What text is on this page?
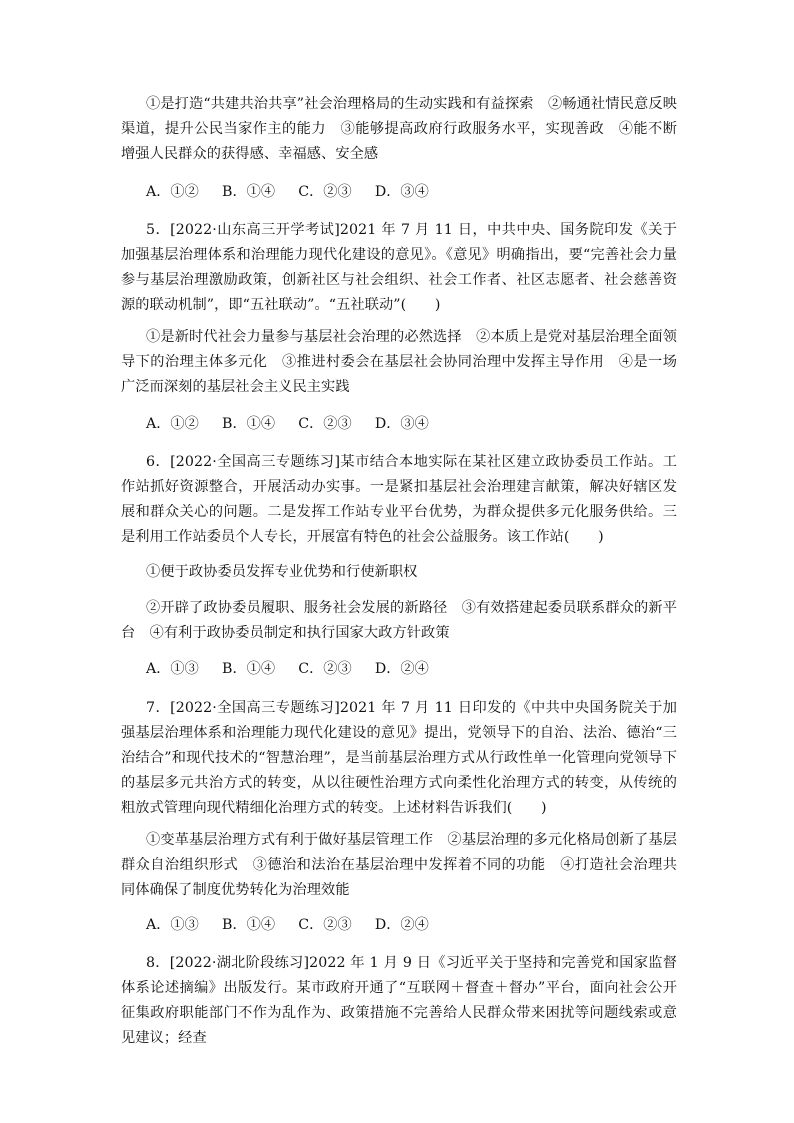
①是打造“共建共治共享”社会治理格局的生动实践和有益探索　②畅通社情民意反映渠道，提升公民当家作主的能力　③能够提高政府行政服务水平，实现善政　④能不断增强人民群众的获得感、幸福感、安全感

A．①②　  B．①④　  C．②③　  D．③④

5．[2022·山东高三开学考试]2021 年 7 月 11 日，中共中央、国务院印发《关于加强基层治理体系和治理能力现代化建设的意见》。《意见》明确指出，要“完善社会力量参与基层治理激励政策，创新社区与社会组织、社会工作者、社区志愿者、社会慈善资源的联动机制”，即“五社联动”。“五社联动”(　　)

①是新时代社会力量参与基层社会治理的必然选择　②本质上是党对基层治理全面领导下的治理主体多元化　③推进村委会在基层社会协同治理中发挥主导作用　④是一场广泛而深刻的基层社会主义民主实践

A．①②　  B．①④　  C．②③　  D．③④

6．[2022·全国高三专题练习]某市结合本地实际在某社区建立政协委员工作站。工作站抓好资源整合，开展活动办实事。一是紧扣基层社会治理建言献策，解决好辖区发展和群众关心的问题。二是发挥工作站专业平台优势，为群众提供多元化服务供给。三是利用工作站委员个人专长，开展富有特色的社会公益服务。该工作站(　　)

①便于政协委员发挥专业优势和行使新职权

②开辟了政协委员履职、服务社会发展的新路径　③有效搭建起委员联系群众的新平台　④有利于政协委员制定和执行国家大政方针政策

A．①③　  B．①④　  C．②③　  D．②④

7．[2022·全国高三专题练习]2021 年 7 月 11 日印发的《中共中央国务院关于加强基层治理体系和治理能力现代化建设的意见》提出，党领导下的自治、法治、德治“三治结合”和现代技术的“智慧治理”，是当前基层治理方式从行政性单一化管理向党领导下的基层多元共治方式的转变，从以往硬性治理方式向柔性化治理方式的转变，从传统的粗放式管理向现代精细化治理方式的转变。上述材料告诉我们(　　)

①变革基层治理方式有利于做好基层管理工作　②基层治理的多元化格局创新了基层群众自治组织形式　③德治和法治在基层治理中发挥着不同的功能　④打造社会治理共同体确保了制度优势转化为治理效能

A．①③　  B．①④　  C．②③　  D．②④

8．[2022·湖北阶段练习]2022 年 1 月 9 日《习近平关于坚持和完善党和国家监督体系论述摘编》出版发行。某市政府开通了“互联网＋督查＋督办”平台，面向社会公开征集政府职能部门不作为乱作为、政策措施不完善给人民群众带来困扰等问题线索或意见建议；经查
